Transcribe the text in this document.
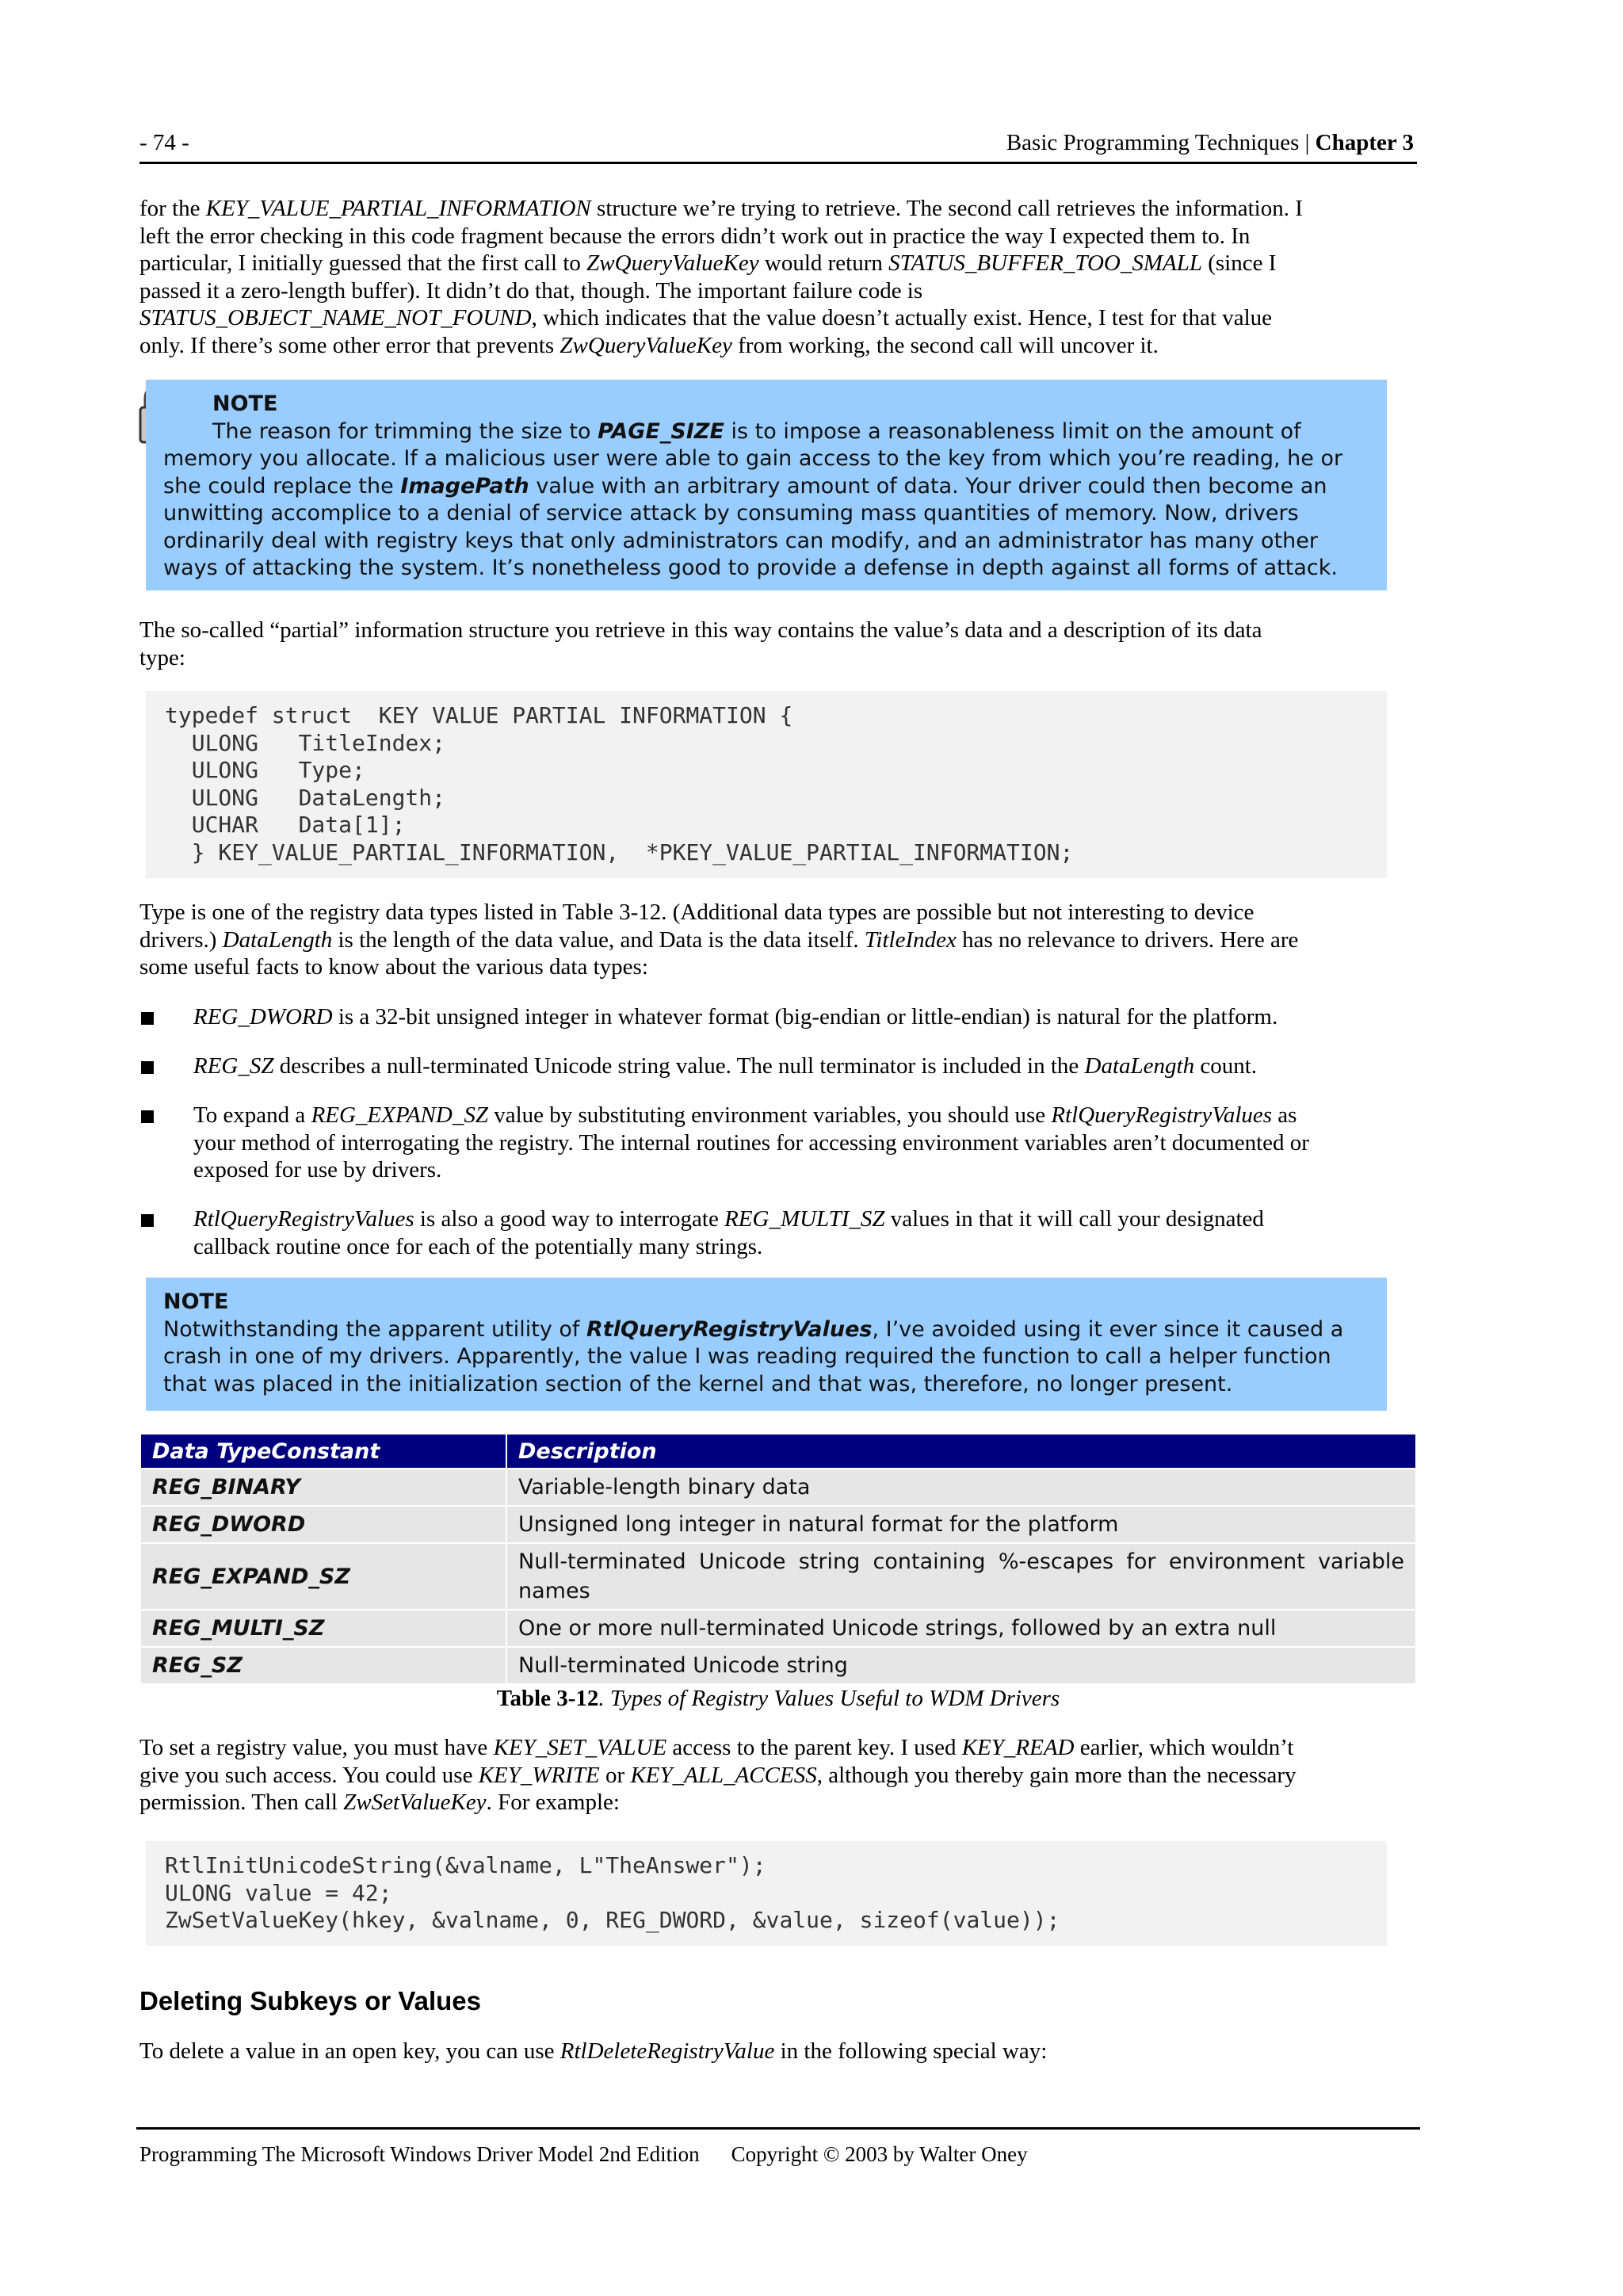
- 74 -	Basic Programming Techniques | Chapter 3
for the KEY_VALUE_PARTIAL_INFORMATION structure we’re trying to retrieve. The second call retrieves the information. I
left the error checking in this code fragment because the errors didn’t work out in practice the way I expected them to. In
particular, I initially guessed that the first call to ZwQueryValueKey would return STATUS_BUFFER_TOO_SMALL (since I
passed it a zero-length buffer). It didn’t do that, though. The important failure code is
STATUS_OBJECT_NAME_NOT_FOUND, which indicates that the value doesn’t actually exist. Hence, I test for that value
only. If there’s some other error that prevents ZwQueryValueKey from working, the second call will uncover it.
NOTE
The reason for trimming the size to PAGE_SIZE is to impose a reasonableness limit on the amount of
memory you allocate. If a malicious user were able to gain access to the key from which you’re reading, he or
she could replace the ImagePath value with an arbitrary amount of data. Your driver could then become an
unwitting accomplice to a denial of service attack by consuming mass quantities of memory. Now, drivers
ordinarily deal with registry keys that only administrators can modify, and an administrator has many other
ways of attacking the system. It’s nonetheless good to provide a defense in depth against all forms of attack.
The so-called “partial” information structure you retrieve in this way contains the value’s data and a description of its data
type:
typedef struct  KEY VALUE PARTIAL INFORMATION {
ULONG   TitleIndex;
ULONG   Type;
ULONG   DataLength;
UCHAR   Data[1];
} KEY_VALUE_PARTIAL_INFORMATION,  *PKEY_VALUE_PARTIAL_INFORMATION;
Type is one of the registry data types listed in Table 3-12. (Additional data types are possible but not interesting to device
drivers.) DataLength is the length of the data value, and Data is the data itself. TitleIndex has no relevance to drivers. Here are
some useful facts to know about the various data types:
REG_DWORD is a 32-bit unsigned integer in whatever format (big-endian or little-endian) is natural for the platform.
REG_SZ describes a null-terminated Unicode string value. The null terminator is included in the DataLength count.
To expand a REG_EXPAND_SZ value by substituting environment variables, you should use RtlQueryRegistryValues as
your method of interrogating the registry. The internal routines for accessing environment variables aren’t documented or
exposed for use by drivers.
RtlQueryRegistryValues is also a good way to interrogate REG_MULTI_SZ values in that it will call your designated
callback routine once for each of the potentially many strings.
NOTE
Notwithstanding the apparent utility of RtlQueryRegistryValues, I’ve avoided using it ever since it caused a
crash in one of my drivers. Apparently, the value I was reading required the function to call a helper function
that was placed in the initialization section of the kernel and that was, therefore, no longer present.
Data TypeConstant	Description
REG_BINARY	Variable-length binary data
REG_DWORD	Unsigned long integer in natural format for the platform
REG_EXPAND_SZ	Null-terminated Unicode string containing %-escapes for environment variable names
REG_MULTI_SZ	One or more null-terminated Unicode strings, followed by an extra null
REG_SZ	Null-terminated Unicode string
Table 3-12. Types of Registry Values Useful to WDM Drivers
To set a registry value, you must have KEY_SET_VALUE access to the parent key. I used KEY_READ earlier, which wouldn’t
give you such access. You could use KEY_WRITE or KEY_ALL_ACCESS, although you thereby gain more than the necessary
permission. Then call ZwSetValueKey. For example:
RtlInitUnicodeString(&valname, L"TheAnswer");
ULONG value = 42;
ZwSetValueKey(hkey, &valname, 0, REG_DWORD, &value, sizeof(value));
Deleting Subkeys or Values
To delete a value in an open key, you can use RtlDeleteRegistryValue in the following special way:
Programming The Microsoft Windows Driver Model 2nd Edition Copyright © 2003 by Walter Oney
